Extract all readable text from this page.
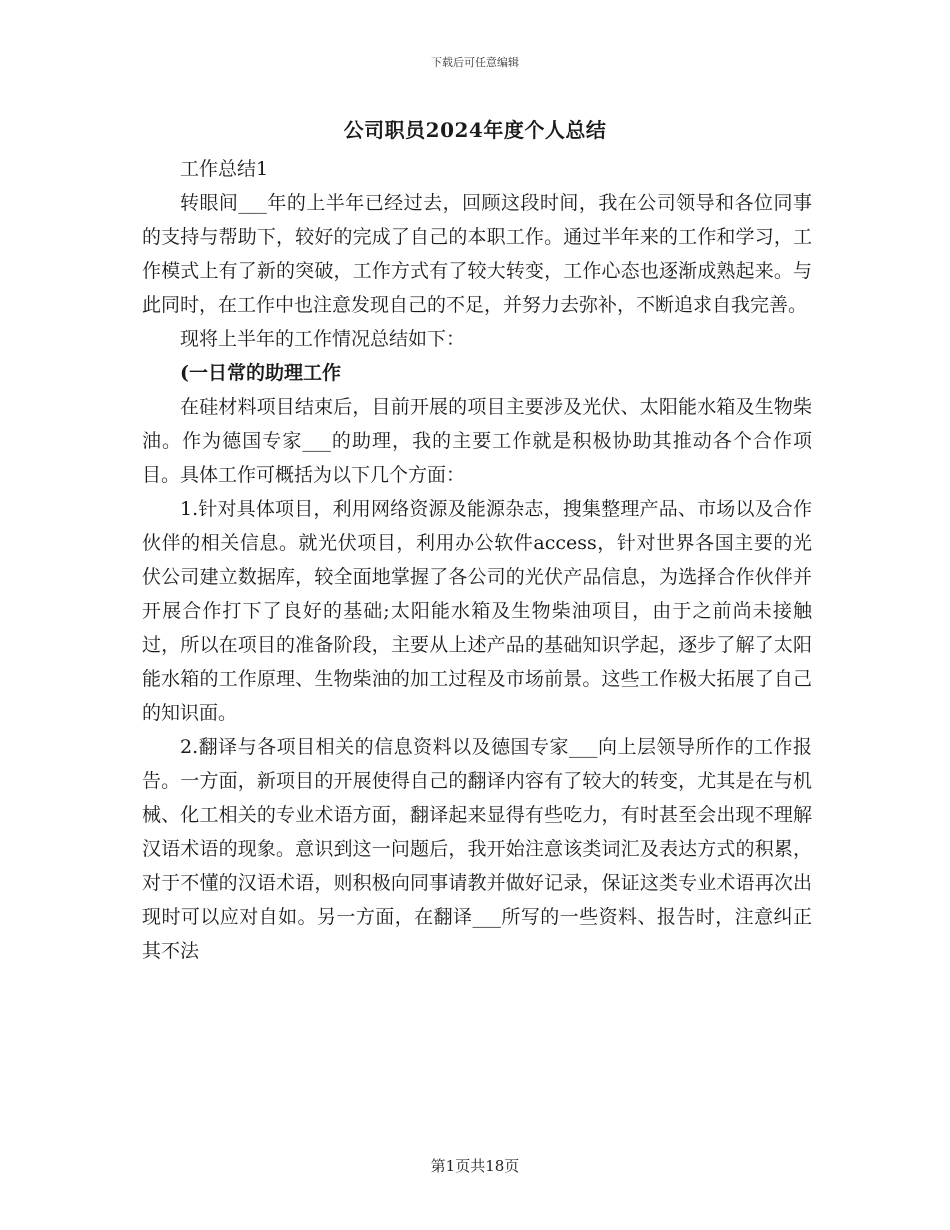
下载后可任意编辑
公司职员2024年度个人总结

工作总结1

转眼间___年的上半年已经过去，回顾这段时间，我在公司领导和各位同事的支持与帮助下，较好的完成了自己的本职工作。通过半年来的工作和学习，工作模式上有了新的突破，工作方式有了较大转变，工作心态也逐渐成熟起来。与此同时，在工作中也注意发现自己的不足，并努力去弥补，不断追求自我完善。

现将上半年的工作情况总结如下：

(一日常的助理工作

在硅材料项目结束后，目前开展的项目主要涉及光伏、太阳能水箱及生物柴油。作为德国专家___的助理，我的主要工作就是积极协助其推动各个合作项目。具体工作可概括为以下几个方面：

1.针对具体项目，利用网络资源及能源杂志，搜集整理产品、市场以及合作伙伴的相关信息。就光伏项目，利用办公软件access，针对世界各国主要的光伏公司建立数据库，较全面地掌握了各公司的光伏产品信息，为选择合作伙伴并开展合作打下了良好的基础;太阳能水箱及生物柴油项目，由于之前尚未接触过，所以在项目的准备阶段，主要从上述产品的基础知识学起，逐步了解了太阳能水箱的工作原理、生物柴油的加工过程及市场前景。这些工作极大拓展了自己的知识面。

2.翻译与各项目相关的信息资料以及德国专家___向上层领导所作的工作报告。一方面，新项目的开展使得自己的翻译内容有了较大的转变，尤其是在与机械、化工相关的专业术语方面，翻译起来显得有些吃力，有时甚至会出现不理解汉语术语的现象。意识到这一问题后，我开始注意该类词汇及表达方式的积累，对于不懂的汉语术语，则积极向同事请教并做好记录，保证这类专业术语再次出现时可以应对自如。另一方面，在翻译___所写的一些资料、报告时，注意纠正其不法

第1页共18页
